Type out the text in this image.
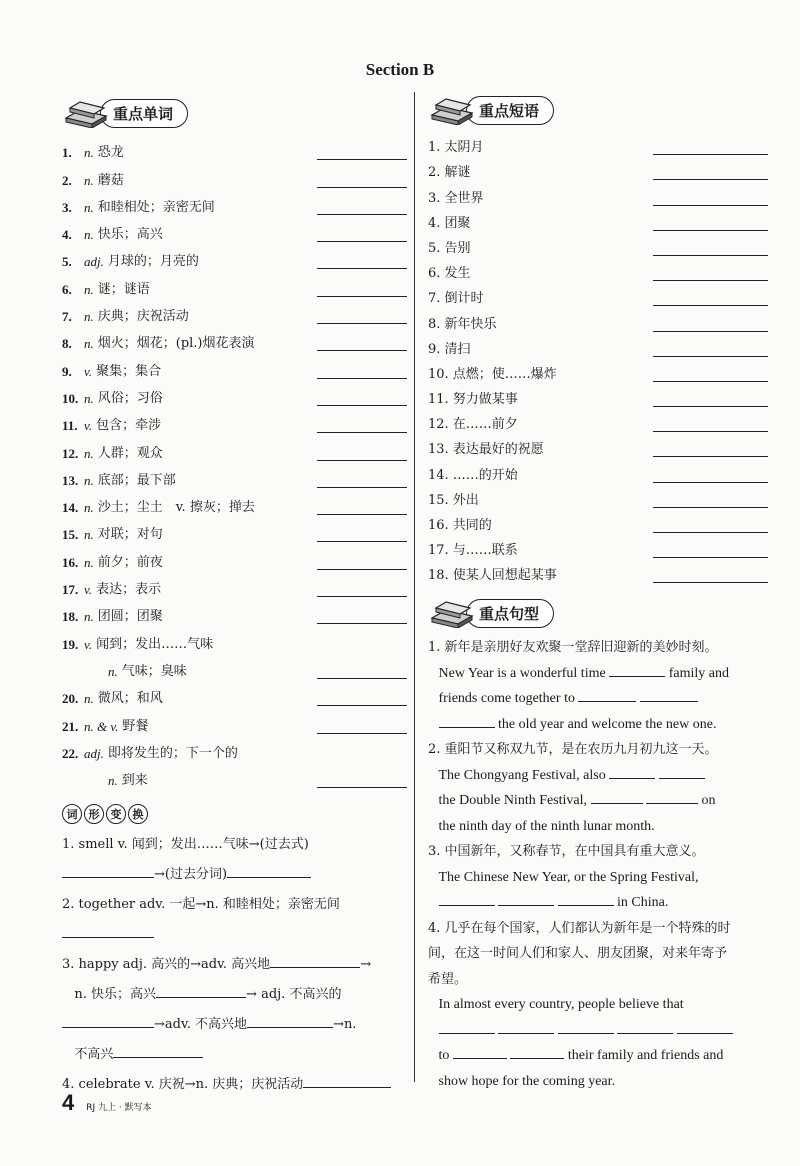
Section B
重点单词
1. n. 恐龙
2. n. 蘑菇
3. n. 和睦相处；亲密无间
4. n. 快乐；高兴
5. adj. 月球的；月亮的
6. n. 谜；谜语
7. n. 庆典；庆祝活动
8. n. 烟火；烟花；(pl.)烟花表演
9. v. 聚集；集合
10. n. 风俗；习俗
11. v. 包含；牵涉
12. n. 人群；观众
13. n. 底部；最下部
14. n. 沙土；尘土　v. 擦灰；掸去
15. n. 对联；对句
16. n. 前夕；前夜
17. v. 表达；表示
18. n. 团圆；团聚
19. v. 闻到；发出……气味
n. 气味；臭味
20. n. 微风；和风
21. n. & v. 野餐
22. adj. 即将发生的；下一个的
n. 到来
词	形	变	换
1. smell v. 闻到；发出……气味→(过去式)
→(过去分词)
2. together adv. 一起→n. 和睦相处；亲密无间
3. happy adj. 高兴的→adv. 高兴地	→
n. 快乐；高兴	→ adj. 不高兴的
→adv. 不高兴地	→n.
不高兴
4. celebrate v. 庆祝→n. 庆典；庆祝活动
重点短语
1. 太阴月
2. 解谜
3. 全世界
4. 团聚
5. 告别
6. 发生
7. 倒计时
8. 新年快乐
9. 清扫
10. 点燃；使……爆炸
11. 努力做某事
12. 在……前夕
13. 表达最好的祝愿
14. ……的开始
15. 外出
16. 共同的
17. 与……联系
18. 使某人回想起某事
重点句型
1. 新年是亲朋好友欢聚一堂辞旧迎新的美妙时刻。
New Year is a wonderful time	family and
friends come together to
the old year and welcome the new one.
2. 重阳节又称双九节，是在农历九月初九这一天。
The Chongyang Festival, also
the Double Ninth Festival,	on
the ninth day of the ninth lunar month.
3. 中国新年，又称春节，在中国具有重大意义。
The Chinese New Year, or the Spring Festival,
in China.
4. 几乎在每个国家，人们都认为新年是一个特殊的时
间，在这一时间人们和家人、朋友团聚，对来年寄予
希望。
In almost every country, people believe that

to	their family and friends and
show hope for the coming year.
4 RJ 九上 · 默写本
